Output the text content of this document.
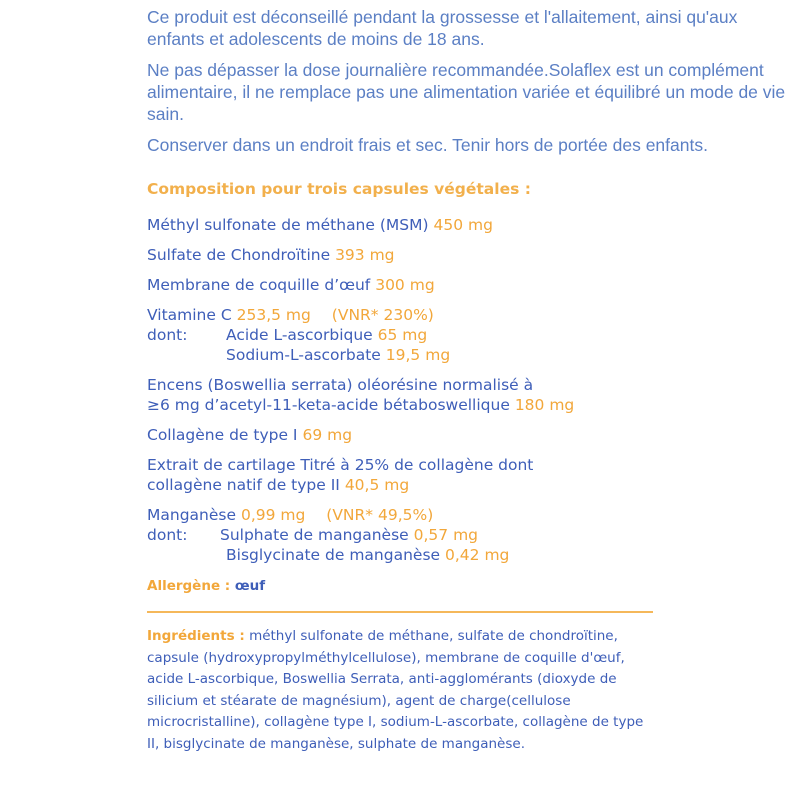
Ce produit est déconseillé pendant la grossesse et l'allaitement, ainsi qu'aux enfants et adolescents de moins de 18 ans.

Ne pas dépasser la dose journalière recommandée.Solaflex est un complément alimentaire, il ne remplace pas une alimentation variée et équilibré un mode de vie sain.

Conserver dans un endroit frais et sec. Tenir hors de portée des enfants.

Composition pour trois capsules végétales :
Méthyl sulfonate de méthane (MSM) 450 mg
Sulfate de Chondroïtine 393 mg
Membrane de coquille d’œuf 300 mg
Vitamine C 253,5 mg (VNR* 230%)
dont:	Acide L-ascorbique 65 mg
Sodium-L-ascorbate 19,5 mg
Encens (Boswellia serrata) oléorésine normalisé à
≥6 mg d’acetyl-11-keta-acide bétaboswellique 180 mg
Collagène de type I 69 mg
Extrait de cartilage Titré à 25% de collagène dont
collagène natif de type II 40,5 mg
Manganèse 0,99 mg (VNR* 49,5%)
dont:	Sulphate de manganèse 0,57 mg
Bisglycinate de manganèse 0,42 mg
Allergène : œuf
Ingrédients : méthyl sulfonate de méthane, sulfate de chondroïtine, capsule (hydroxypropylméthylcellulose), membrane de coquille d'œuf, acide L-ascorbique, Boswellia Serrata, anti-agglomérants (dioxyde de silicium et stéarate de magnésium), agent de charge(cellulose microcristalline), collagène type I, sodium-L-ascorbate, collagène de type II, bisglycinate de manganèse, sulphate de manganèse.
